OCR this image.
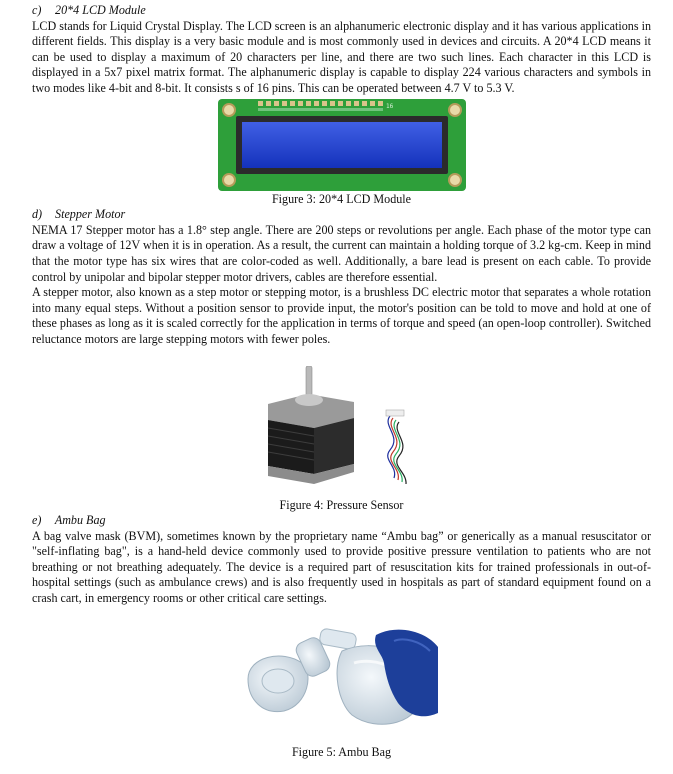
c) 20*4 LCD Module

LCD stands for Liquid Crystal Display. The LCD screen is an alphanumeric electronic display and it has various applications in different fields. This display is a very basic module and is most commonly used in devices and circuits. A 20*4 LCD means it can be used to display a maximum of 20 characters per line, and there are two such lines. Each character in this LCD is displayed in a 5x7 pixel matrix format. The alphanumeric display is capable to display 224 various characters and symbols in two modes like 4-bit and 8-bit. It consists s of 16 pins. This can be operated between 4.7 V to 5.3 V.

16

Figure 3: 20*4 LCD Module

d) Stepper Motor

NEMA 17 Stepper motor has a 1.8° step angle. There are 200 steps or revolutions per angle. Each phase of the motor type can draw a voltage of 12V when it is in operation. As a result, the current can maintain a holding torque of 3.2 kg-cm. Keep in mind that the motor type has six wires that are color-coded as well. Additionally, a bare lead is present on each cable. To provide control by unipolar and bipolar stepper motor drivers, cables are therefore essential.

A stepper motor, also known as a step motor or stepping motor, is a brushless DC electric motor that separates a whole rotation into many equal steps. Without a position sensor to provide input, the motor's position can be told to move and hold at one of these phases as long as it is scaled correctly for the application in terms of torque and speed (an open-loop controller). Switched reluctance motors are large stepping motors with fewer poles.

Figure 4: Pressure Sensor

e) Ambu Bag

A bag valve mask (BVM), sometimes known by the proprietary name “Ambu bag” or generically as a manual resuscitator or "self-inflating bag", is a hand-held device commonly used to provide positive pressure ventilation to patients who are not breathing or not breathing adequately. The device is a required part of resuscitation kits for trained professionals in out-of-hospital settings (such as ambulance crews) and is also frequently used in hospitals as part of standard equipment found on a crash cart, in emergency rooms or other critical care settings.

Figure 5: Ambu Bag
